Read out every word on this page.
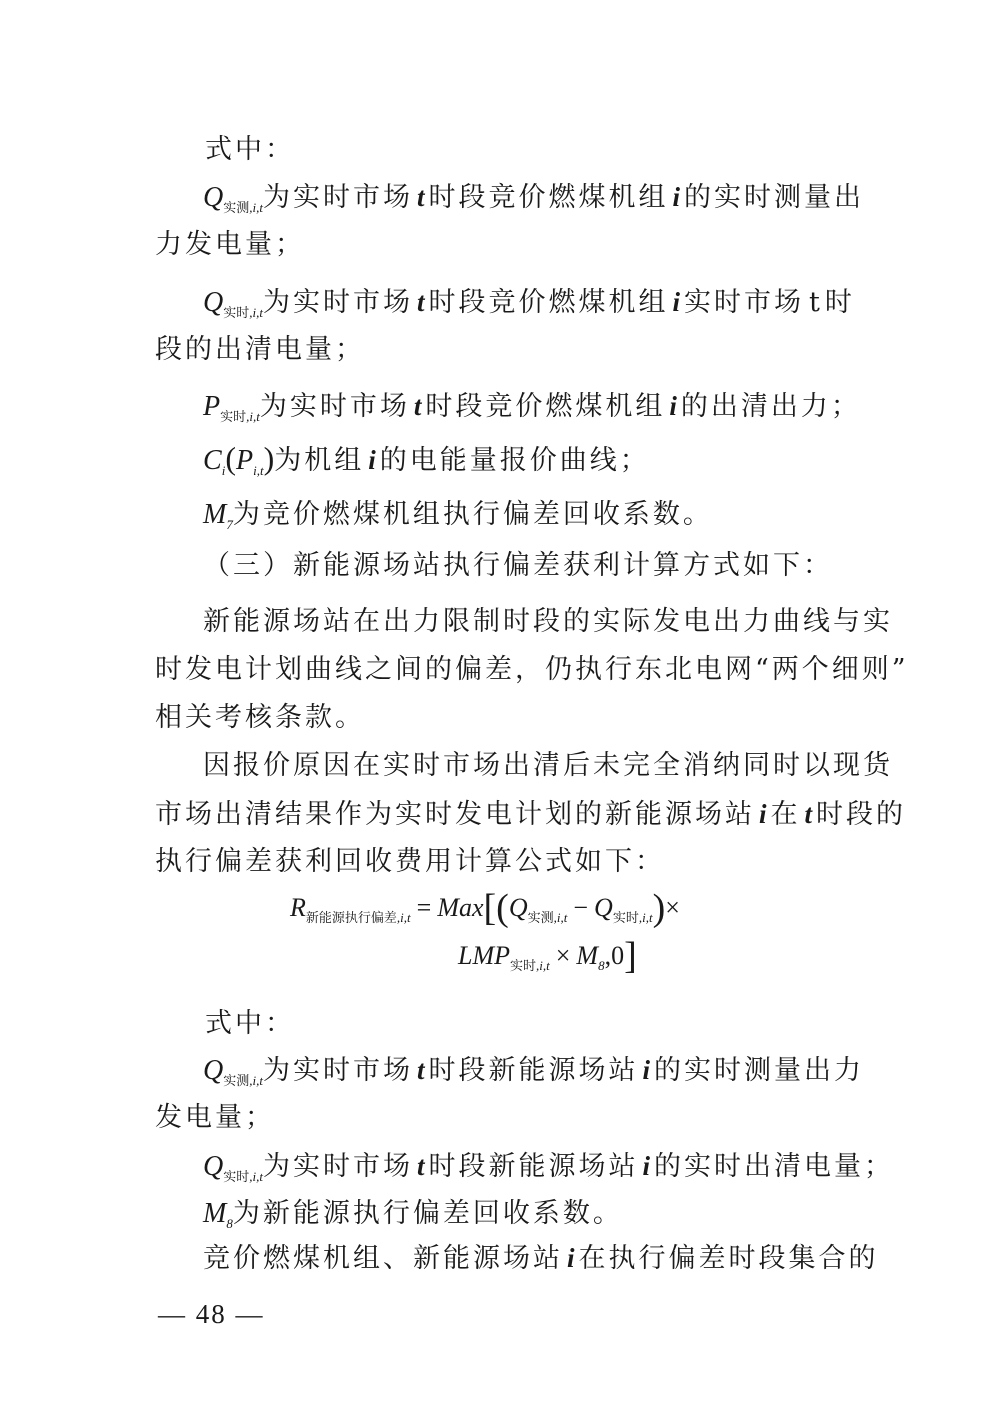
式中：
$Q_{实测,i,t}$为实时市场 t 时段竞价燃煤机组 i 的实时测量出
力发电量；
$Q_{实时,i,t}$为实时市场 t 时段竞价燃煤机组 i 实时市场 t 时
段的出清电量；
$P_{实时,i,t}$为实时市场 t 时段竞价燃煤机组 i 的出清出力；
$C_i(P_{i,t})$为机组 i 的电能量报价曲线；
$M_7$为竞价燃煤机组执行偏差回收系数。
（三）新能源场站执行偏差获利计算方式如下：
新能源场站在出力限制时段的实际发电出力曲线与实
时发电计划曲线之间的偏差，仍执行东北电网“两个细则”
相关考核条款。
因报价原因在实时市场出清后未完全消纳同时以现货
市场出清结果作为实时发电计划的新能源场站 i 在 t 时段的
执行偏差获利回收费用计算公式如下：
$R_{新能源执行偏差,i,t} = Max[(Q_{实测,i,t} - Q_{实时,i,t})\times$
$LMP_{实时,i,t} \times M_8,0$]
式中：
$Q_{实测,i,t}$为实时市场 t 时段新能源场站 i 的实时测量出力
发电量；
$Q_{实时,i,t}$为实时市场 t 时段新能源场站 i 的实时出清电量；
$M_8$为新能源执行偏差回收系数。
竞价燃煤机组、新能源场站 i 在执行偏差时段集合的
— 48 —
